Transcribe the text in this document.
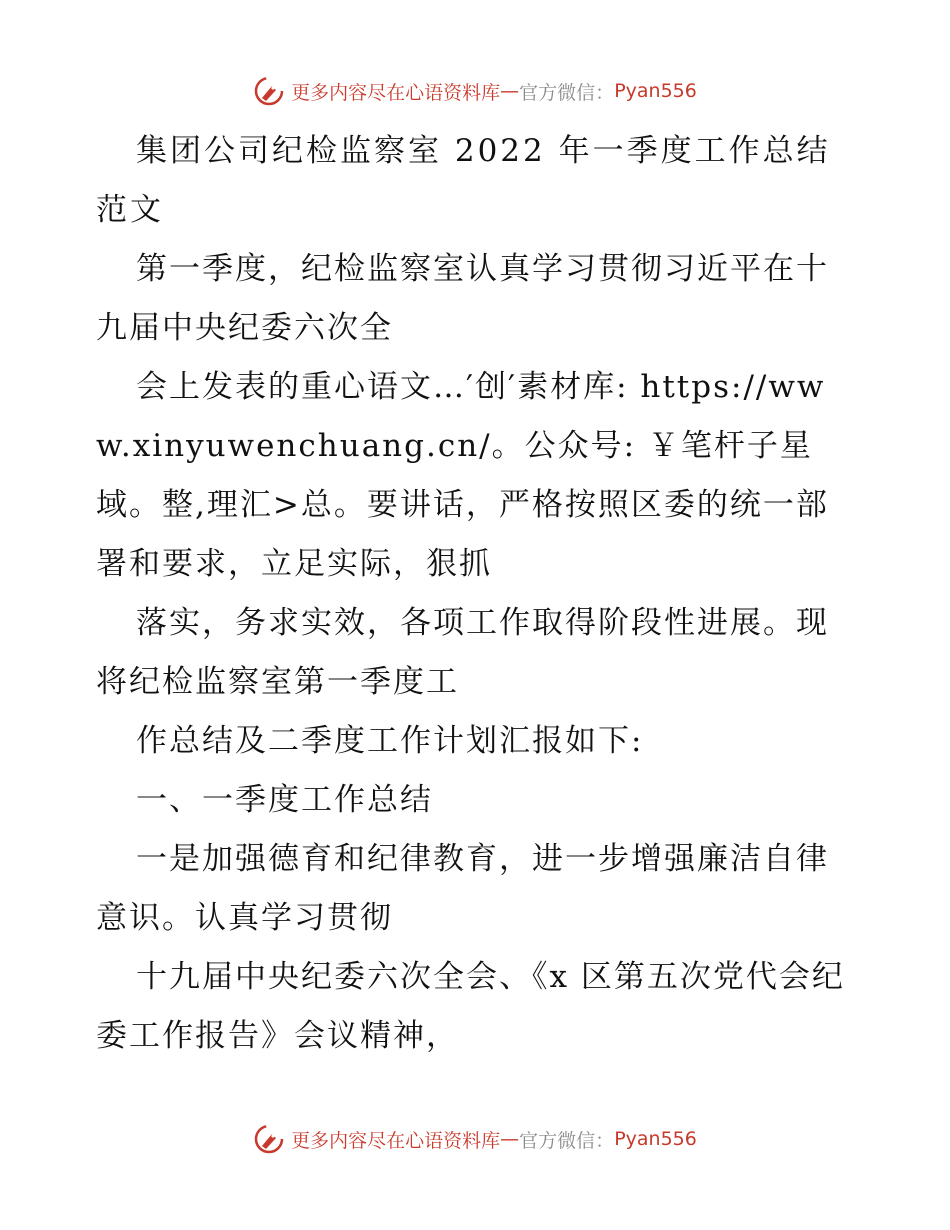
更多内容尽在心语资料库 — 官方微信： Pyan556

集团公司纪检监察室 2022 年一季度工作总结范文

第一季度，纪检监察室认真学习贯彻习近平在十九届中央纪委六次全

会上发表的重心语文…′创′素材库: https://www.xinyuwenchuang.cn/。公众号: ￥笔杆子星域。整,理汇>总。要讲话，严格按照区委的统一部署和要求，立足实际，狠抓

落实，务求实效，各项工作取得阶段性进展。现将纪检监察室第一季度工

作总结及二季度工作计划汇报如下:

一、一季度工作总结

一是加强德育和纪律教育，进一步增强廉洁自律意识。认真学习贯彻

十九届中央纪委六次全会、《x 区第五次党代会纪委工作报告》会议精神，

更多内容尽在心语资料库 — 官方微信： Pyan556
